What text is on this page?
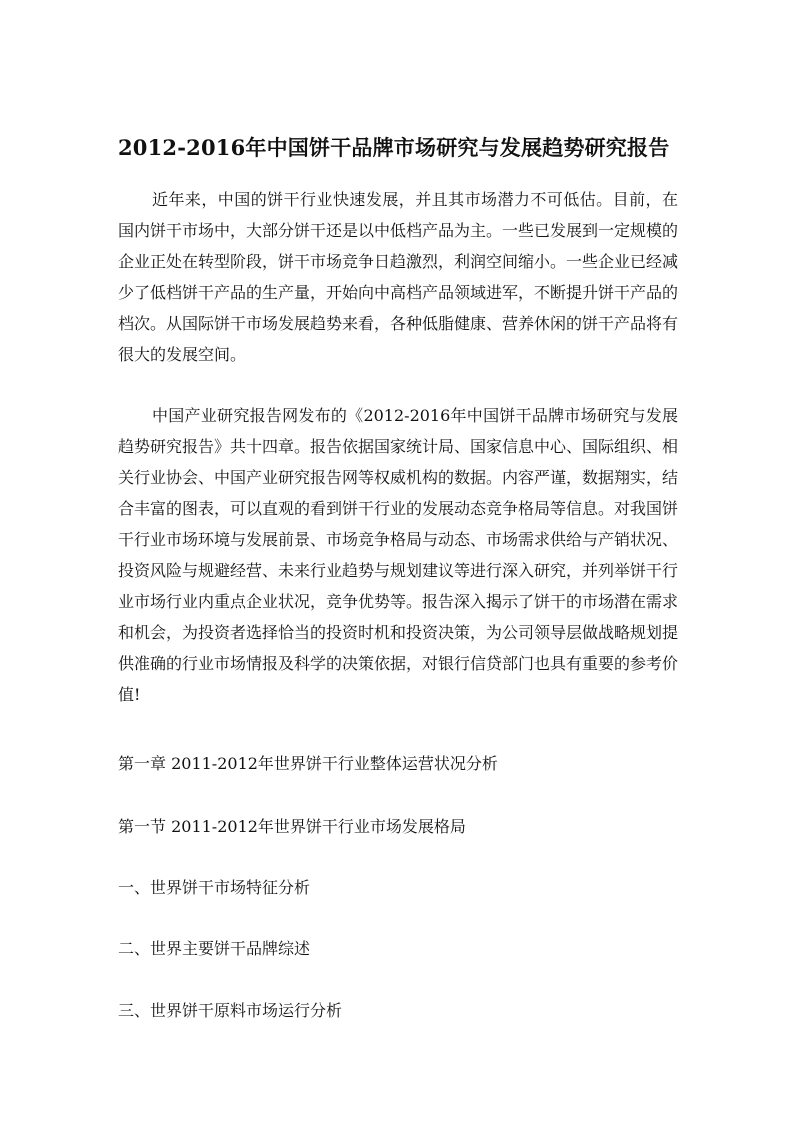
2012-2016年中国饼干品牌市场研究与发展趋势研究报告

近年来，中国的饼干行业快速发展，并且其市场潜力不可低估。目前，在国内饼干市场中，大部分饼干还是以中低档产品为主。一些已发展到一定规模的企业正处在转型阶段，饼干市场竞争日趋激烈，利润空间缩小。一些企业已经减少了低档饼干产品的生产量，开始向中高档产品领域进军，不断提升饼干产品的档次。从国际饼干市场发展趋势来看，各种低脂健康、营养休闲的饼干产品将有很大的发展空间。

中国产业研究报告网发布的《2012-2016年中国饼干品牌市场研究与发展趋势研究报告》共十四章。报告依据国家统计局、国家信息中心、国际组织、相关行业协会、中国产业研究报告网等权威机构的数据。内容严谨，数据翔实，结合丰富的图表，可以直观的看到饼干行业的发展动态竞争格局等信息。对我国饼干行业市场环境与发展前景、市场竞争格局与动态、市场需求供给与产销状况、投资风险与规避经营、未来行业趋势与规划建议等进行深入研究，并列举饼干行业市场行业内重点企业状况，竞争优势等。报告深入揭示了饼干的市场潜在需求和机会，为投资者选择恰当的投资时机和投资决策，为公司领导层做战略规划提供准确的行业市场情报及科学的决策依据，对银行信贷部门也具有重要的参考价值!

第一章 2011-2012年世界饼干行业整体运营状况分析

第一节 2011-2012年世界饼干行业市场发展格局

一、世界饼干市场特征分析

二、世界主要饼干品牌综述

三、世界饼干原料市场运行分析
